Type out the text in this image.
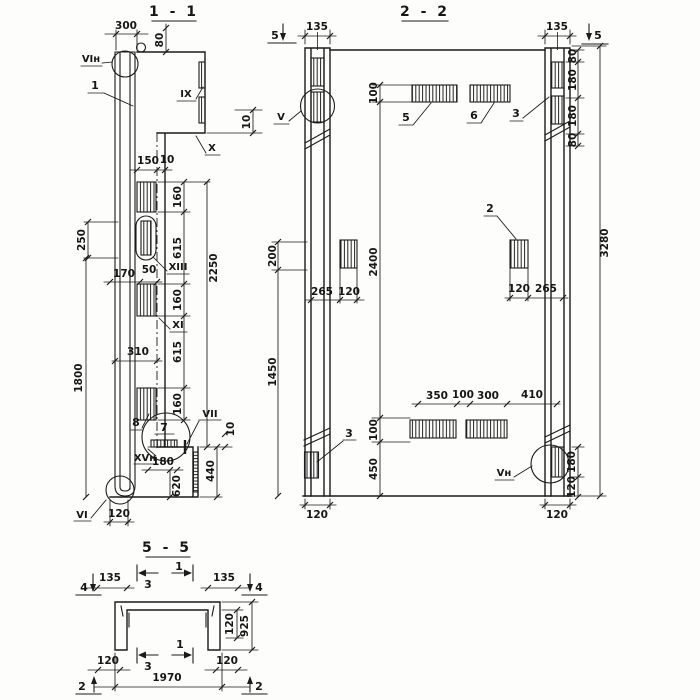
1 - 1
300
80
1
VIн
IX
10
X
150 10
160
615
160
615
160
2250
250
1800
170 50 XIII
XI
310
8 7
VII
XVн
180
620
440
10
VI 120
2 - 2
5	5
135	135
80
180
180
80
3280
100
2400
100
450
200
1450
265 120	120 265
350 100 300 410
5	6
2
3
3
V
Vн
180
120
120	120
5 - 5
4	4
135	135
3
1
120 925
120	120
3
1
1970
2	2
